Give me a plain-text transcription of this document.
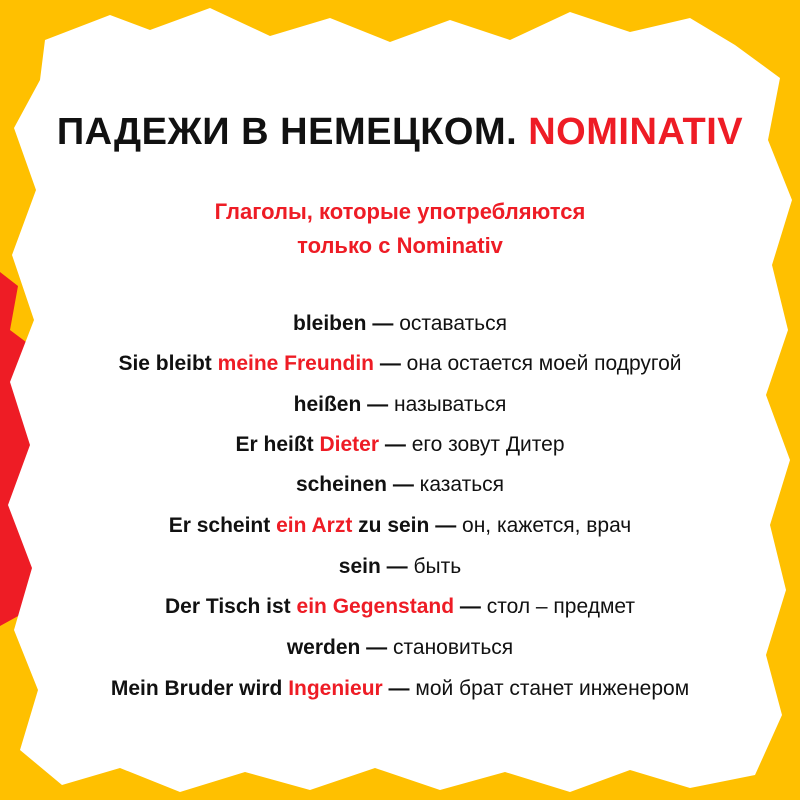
ПАДЕЖИ В НЕМЕЦКОМ. NOMINATIV
Глаголы, которые употребляются
только с Nominativ
bleiben — оставаться
Sie bleibt meine Freundin — она остается моей подругой
heißen — называться
Er heißt Dieter — его зовут Дитер
scheinen — казаться
Er scheint ein Arzt zu sein — он, кажется, врач
sein — быть
Der Tisch ist ein Gegenstand — стол – предмет
werden — становиться
Mein Bruder wird Ingenieur — мой брат станет инженером
